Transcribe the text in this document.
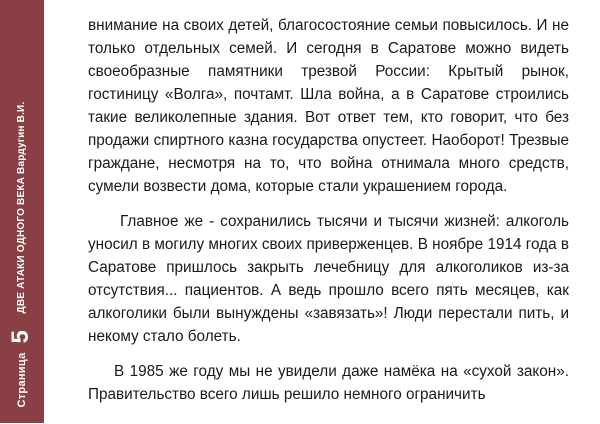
Страница
5
ДВЕ АТАКИ ОДНОГО ВЕКА Вардугин В.И.

внимание на своих детей, благосостояние семьи повысилось. И не только отдельных семей. И сегодня в Саратове можно видеть своеобразные памятники трезвой России: Крытый рынок, гостиницу «Волга», почтамт. Шла война, а в Саратове строились такие великолепные здания. Вот ответ тем, кто говорит, что без продажи спиртного казна государства опустеет. Наоборот! Трезвые граждане, несмотря на то, что война отнимала много средств, сумели возвести дома, которые стали украшением города.

Главное же - сохранились тысячи и тысячи жизней: алкоголь уносил в могилу многих своих приверженцев. В ноябре 1914 года в Саратове пришлось закрыть лечебницу для алкоголиков из-за отсутствия... пациентов. А ведь прошло всего пять месяцев, как алкоголики были вынуждены «завязать»! Люди перестали пить, и некому стало болеть.

В 1985 же году мы не увидели даже намёка на «сухой закон». Правительство всего лишь решило немного ограничить
